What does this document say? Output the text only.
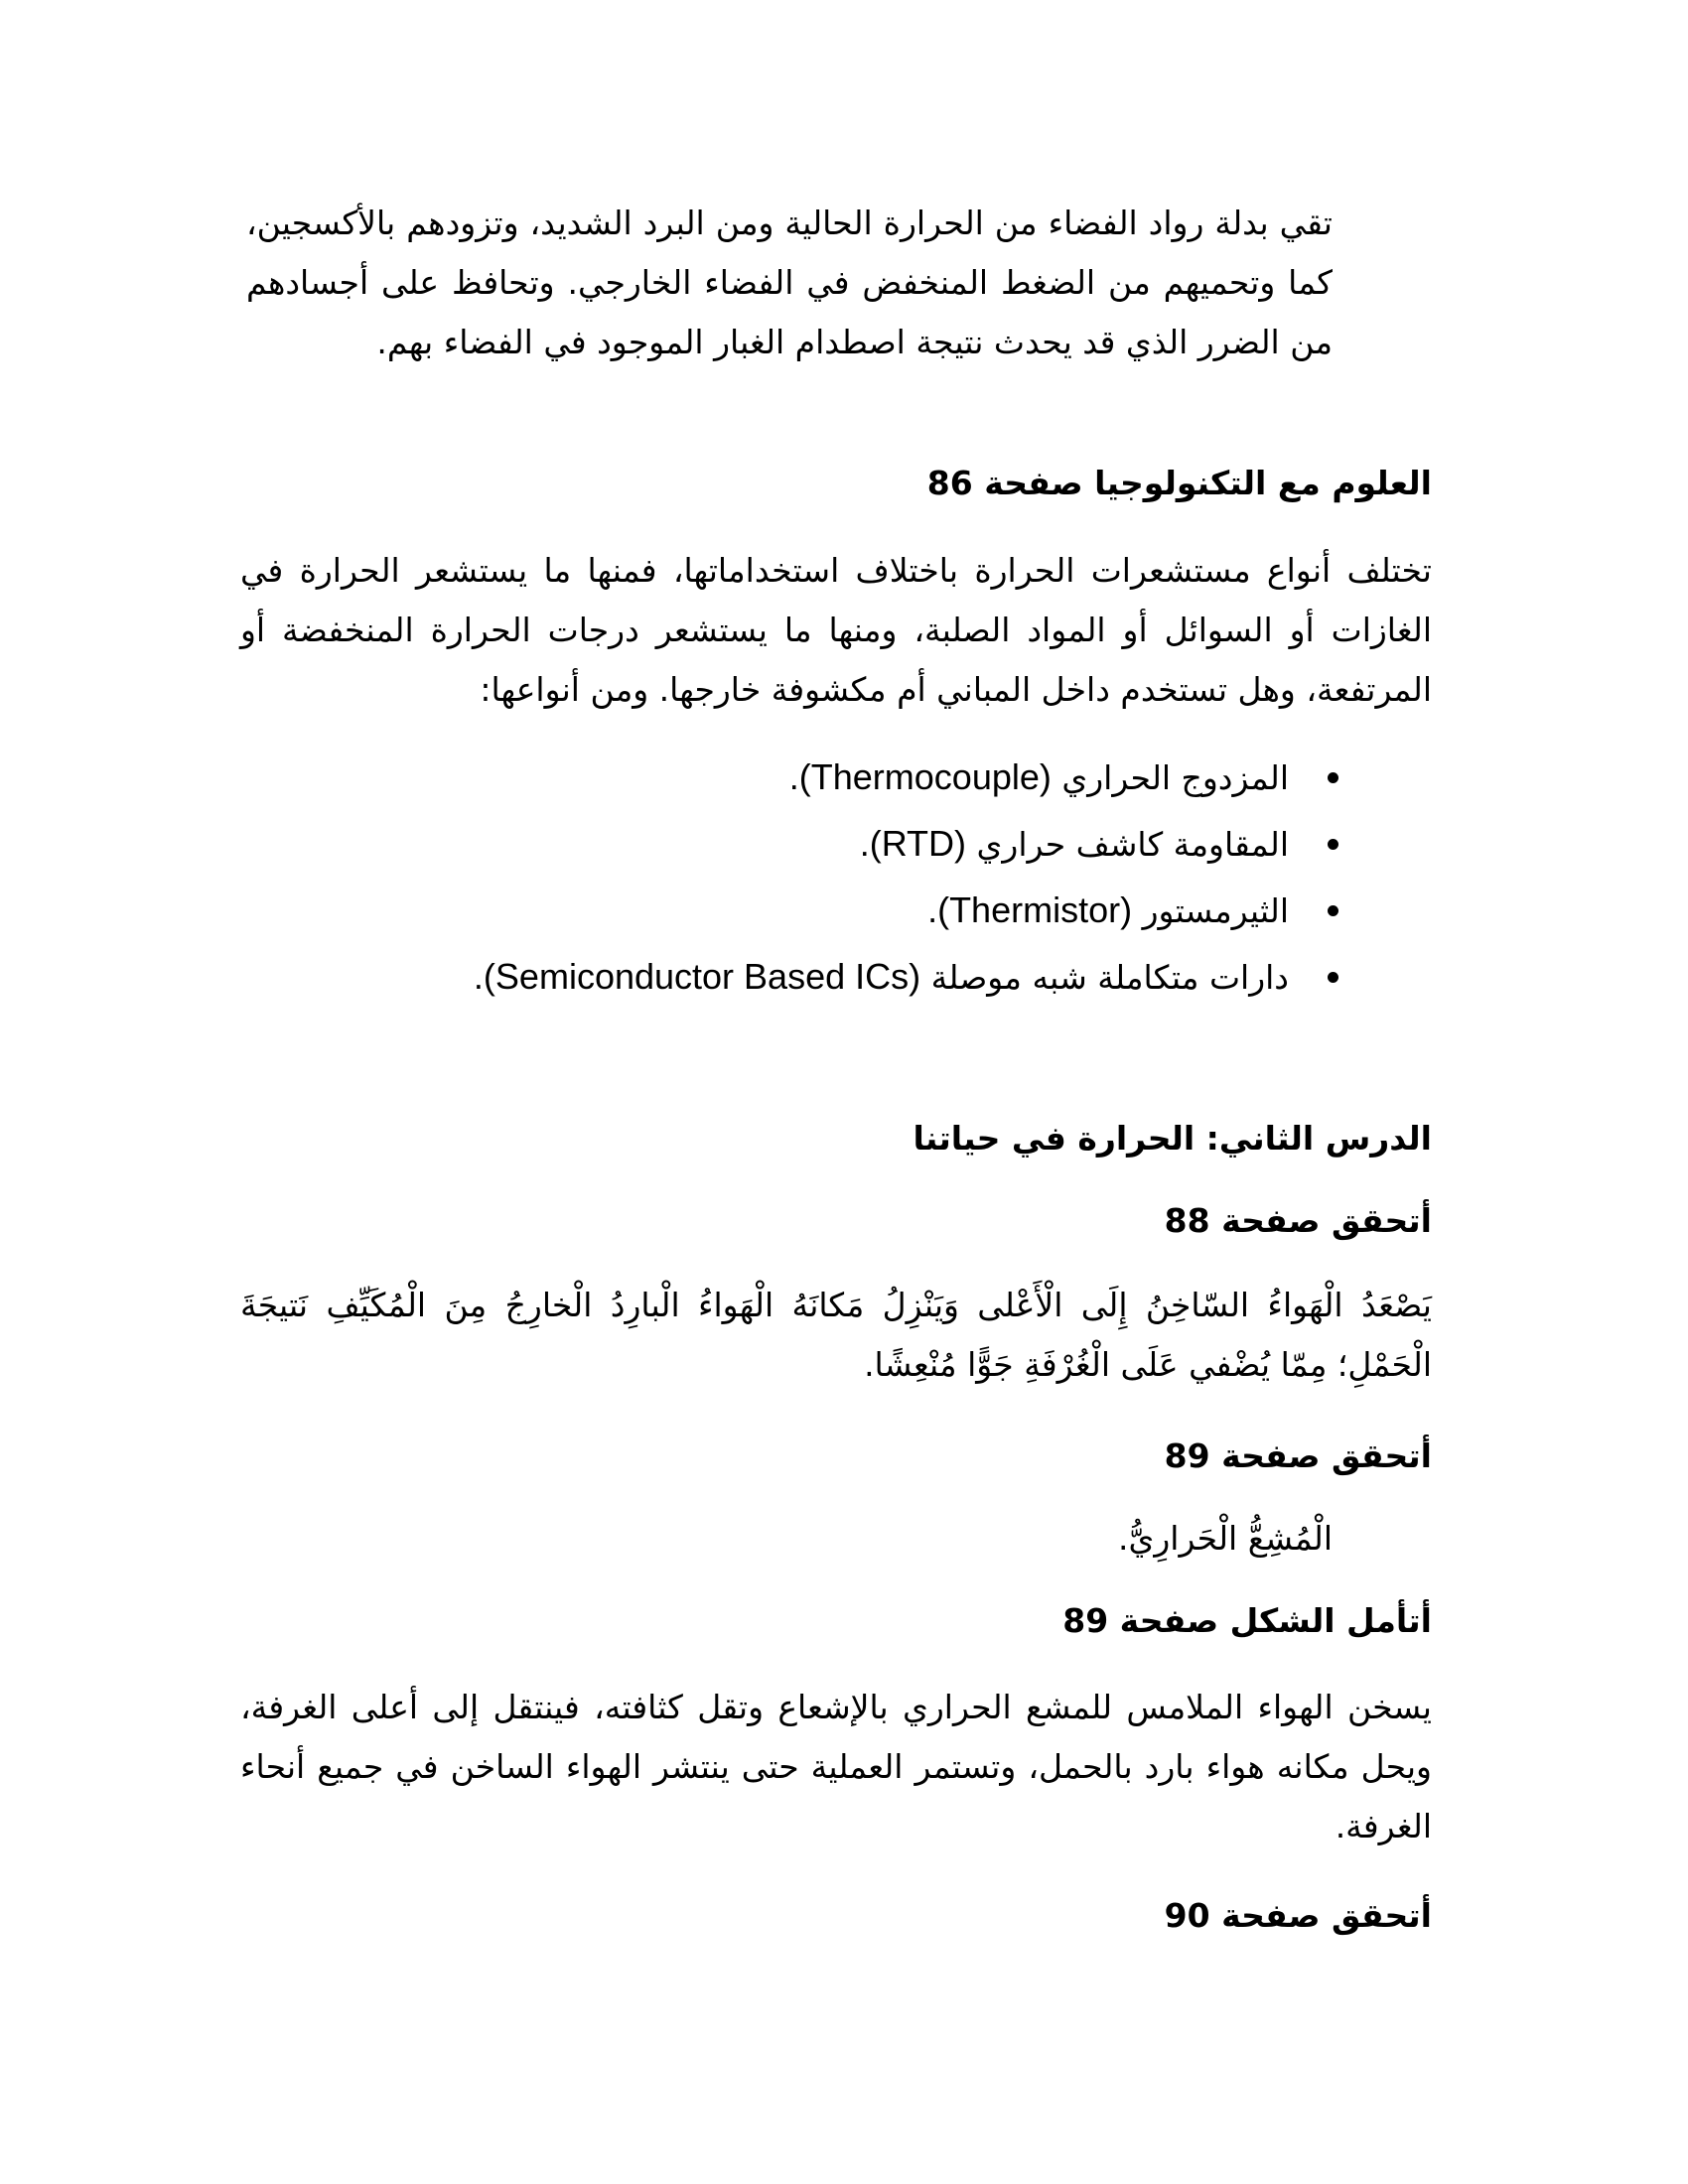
تقي بدلة رواد الفضاء من الحرارة الحالية ومن البرد الشديد، وتزودهم بالأكسجين، كما وتحميهم من الضغط المنخفض في الفضاء الخارجي. وتحافظ على أجسادهم من الضرر الذي قد يحدث نتيجة اصطدام الغبار الموجود في الفضاء بهم.
العلوم مع التكنولوجيا صفحة 86
تختلف أنواع مستشعرات الحرارة باختلاف استخداماتها، فمنها ما يستشعر الحرارة في الغازات أو السوائل أو المواد الصلبة، ومنها ما يستشعر درجات الحرارة المنخفضة أو المرتفعة، وهل تستخدم داخل المباني أم مكشوفة خارجها. ومن أنواعها:
المزدوج الحراري (Thermocouple).
المقاومة كاشف حراري (RTD).
الثيرمستور (Thermistor).
دارات متكاملة شبه موصلة (Semiconductor Based ICs).
الدرس الثاني: الحرارة في حياتنا
أتحقق صفحة 88
يَصْعَدُ الْهَواءُ السّاخِنُ إِلَى الْأَعْلى وَيَنْزِلُ مَكانَهُ الْهَواءُ الْبارِدُ الْخارِجُ مِنَ الْمُكَيِّفِ نَتيجَةَ الْحَمْلِ؛ مِمّا يُضْفي عَلَى الْغُرْفَةِ جَوًّا مُنْعِشًا.
أتحقق صفحة 89
الْمُشِعُّ الْحَرارِيُّ.
أتأمل الشكل صفحة 89
يسخن الهواء الملامس للمشع الحراري بالإشعاع وتقل كثافته، فينتقل إلى أعلى الغرفة، ويحل مكانه هواء بارد بالحمل، وتستمر العملية حتى ينتشر الهواء الساخن في جميع أنحاء الغرفة.
أتحقق صفحة 90
